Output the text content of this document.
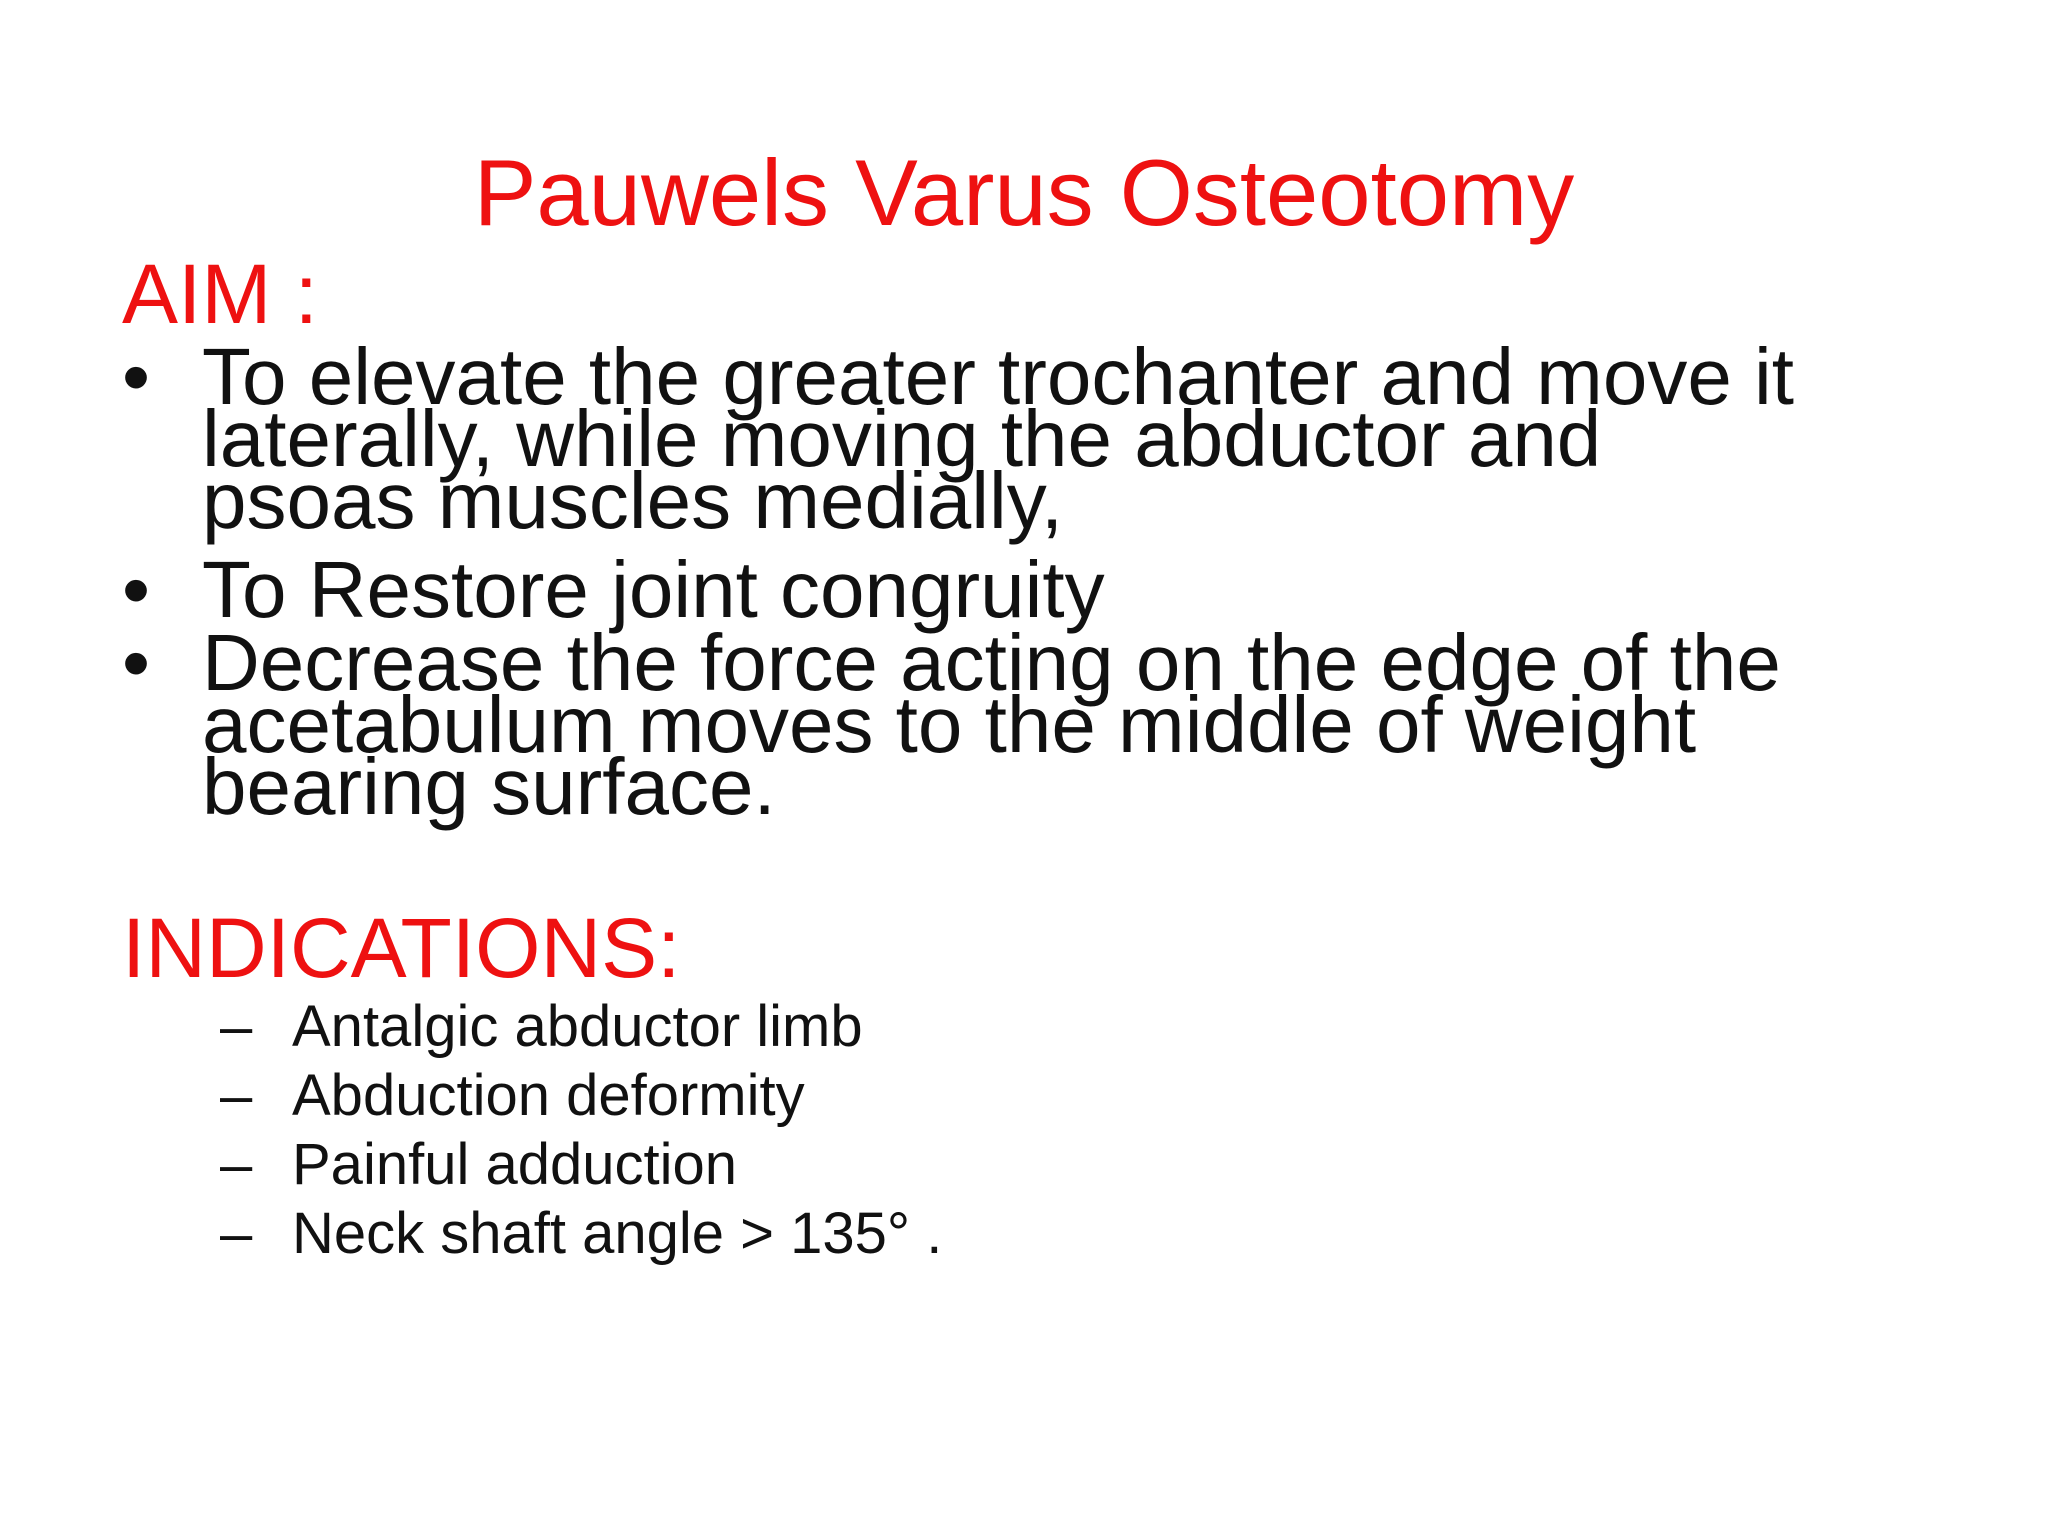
Pauwels Varus Osteotomy
AIM :
• To elevate the greater trochanter and move it
laterally, while moving the abductor and
psoas muscles medially,
• To Restore joint congruity
• Decrease the force acting on the edge of the
acetabulum moves to the middle of weight
bearing surface.
INDICATIONS:
– Antalgic abductor limb
– Abduction deformity
– Painful adduction
– Neck shaft angle > 135° .
